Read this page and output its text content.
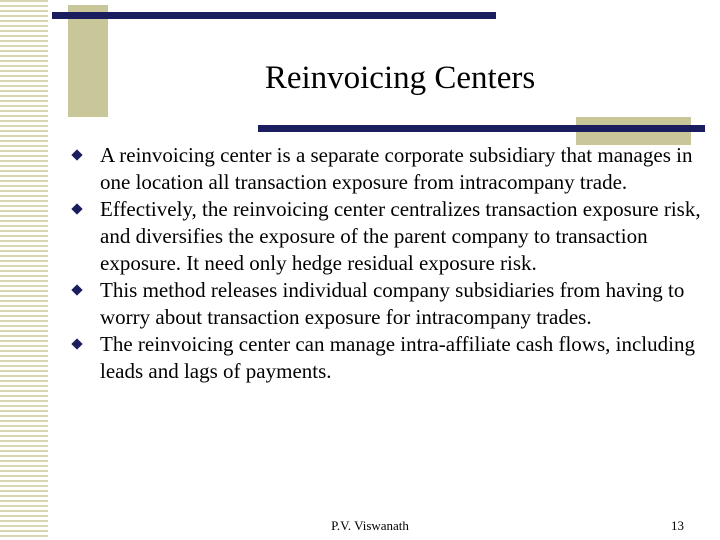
Reinvoicing Centers
A reinvoicing center is a separate corporate subsidiary that manages in one location all transaction exposure from intracompany trade.
Effectively, the reinvoicing center centralizes transaction exposure risk, and diversifies the exposure of the parent company to transaction exposure. It need only hedge residual exposure risk.
This method releases individual company subsidiaries from having to worry about transaction exposure for intracompany trades.
The reinvoicing center can manage intra-affiliate cash flows, including leads and lags of payments.
P.V. Viswanath	13
